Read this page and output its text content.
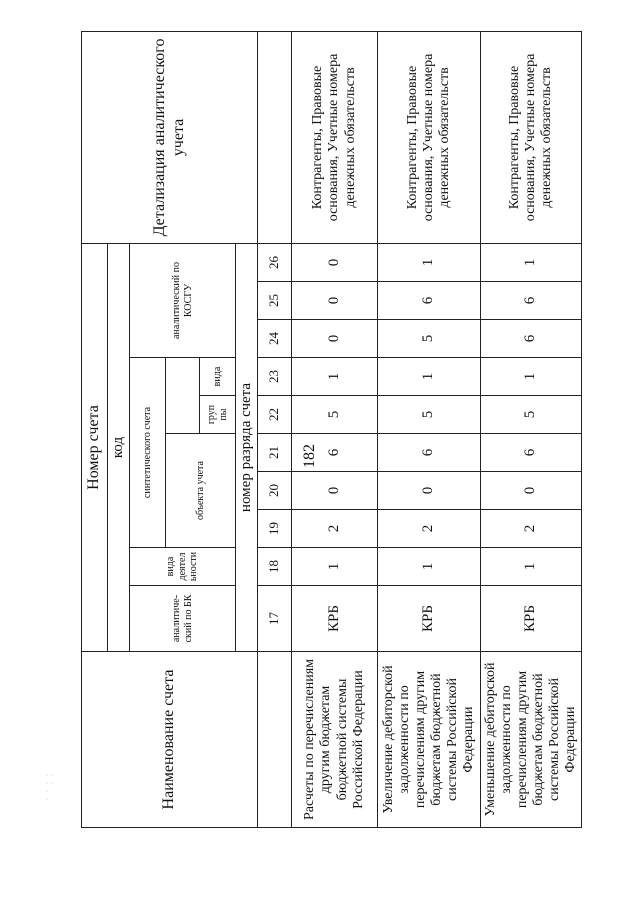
182
· ·
· · ·
·	Наименование счета	Номер счета										Детализация аналитического учета
	код										
	аналитический по БК	вида деятел ьности	синтетического счета					аналитический по КОСГУ			
			объекта учета								
						груп пы	вида				
	номер разряда счета										
	17	18	19	20	21	22	23	24	25	26	
Расчеты по перечислениям другим бюджетам бюджетной системы Российской Федерации	КРБ	1	2	0	6	5	1	0	0	0	Контрагенты, Правовые основания, Учетные номера денежных обязательств
Увеличение дебиторской задолженности по перечислениям другим бюджетам бюджетной системы Российской Федерации	КРБ	1	2	0	6	5	1	5	6	1	Контрагенты, Правовые основания, Учетные номера денежных обязательств
Уменьшение дебиторской задолженности по перечислениям другим бюджетам бюджетной системы Российской Федерации	КРБ	1	2	0	6	5	1	6	6	1	Контрагенты, Правовые основания, Учетные номера денежных обязательств
